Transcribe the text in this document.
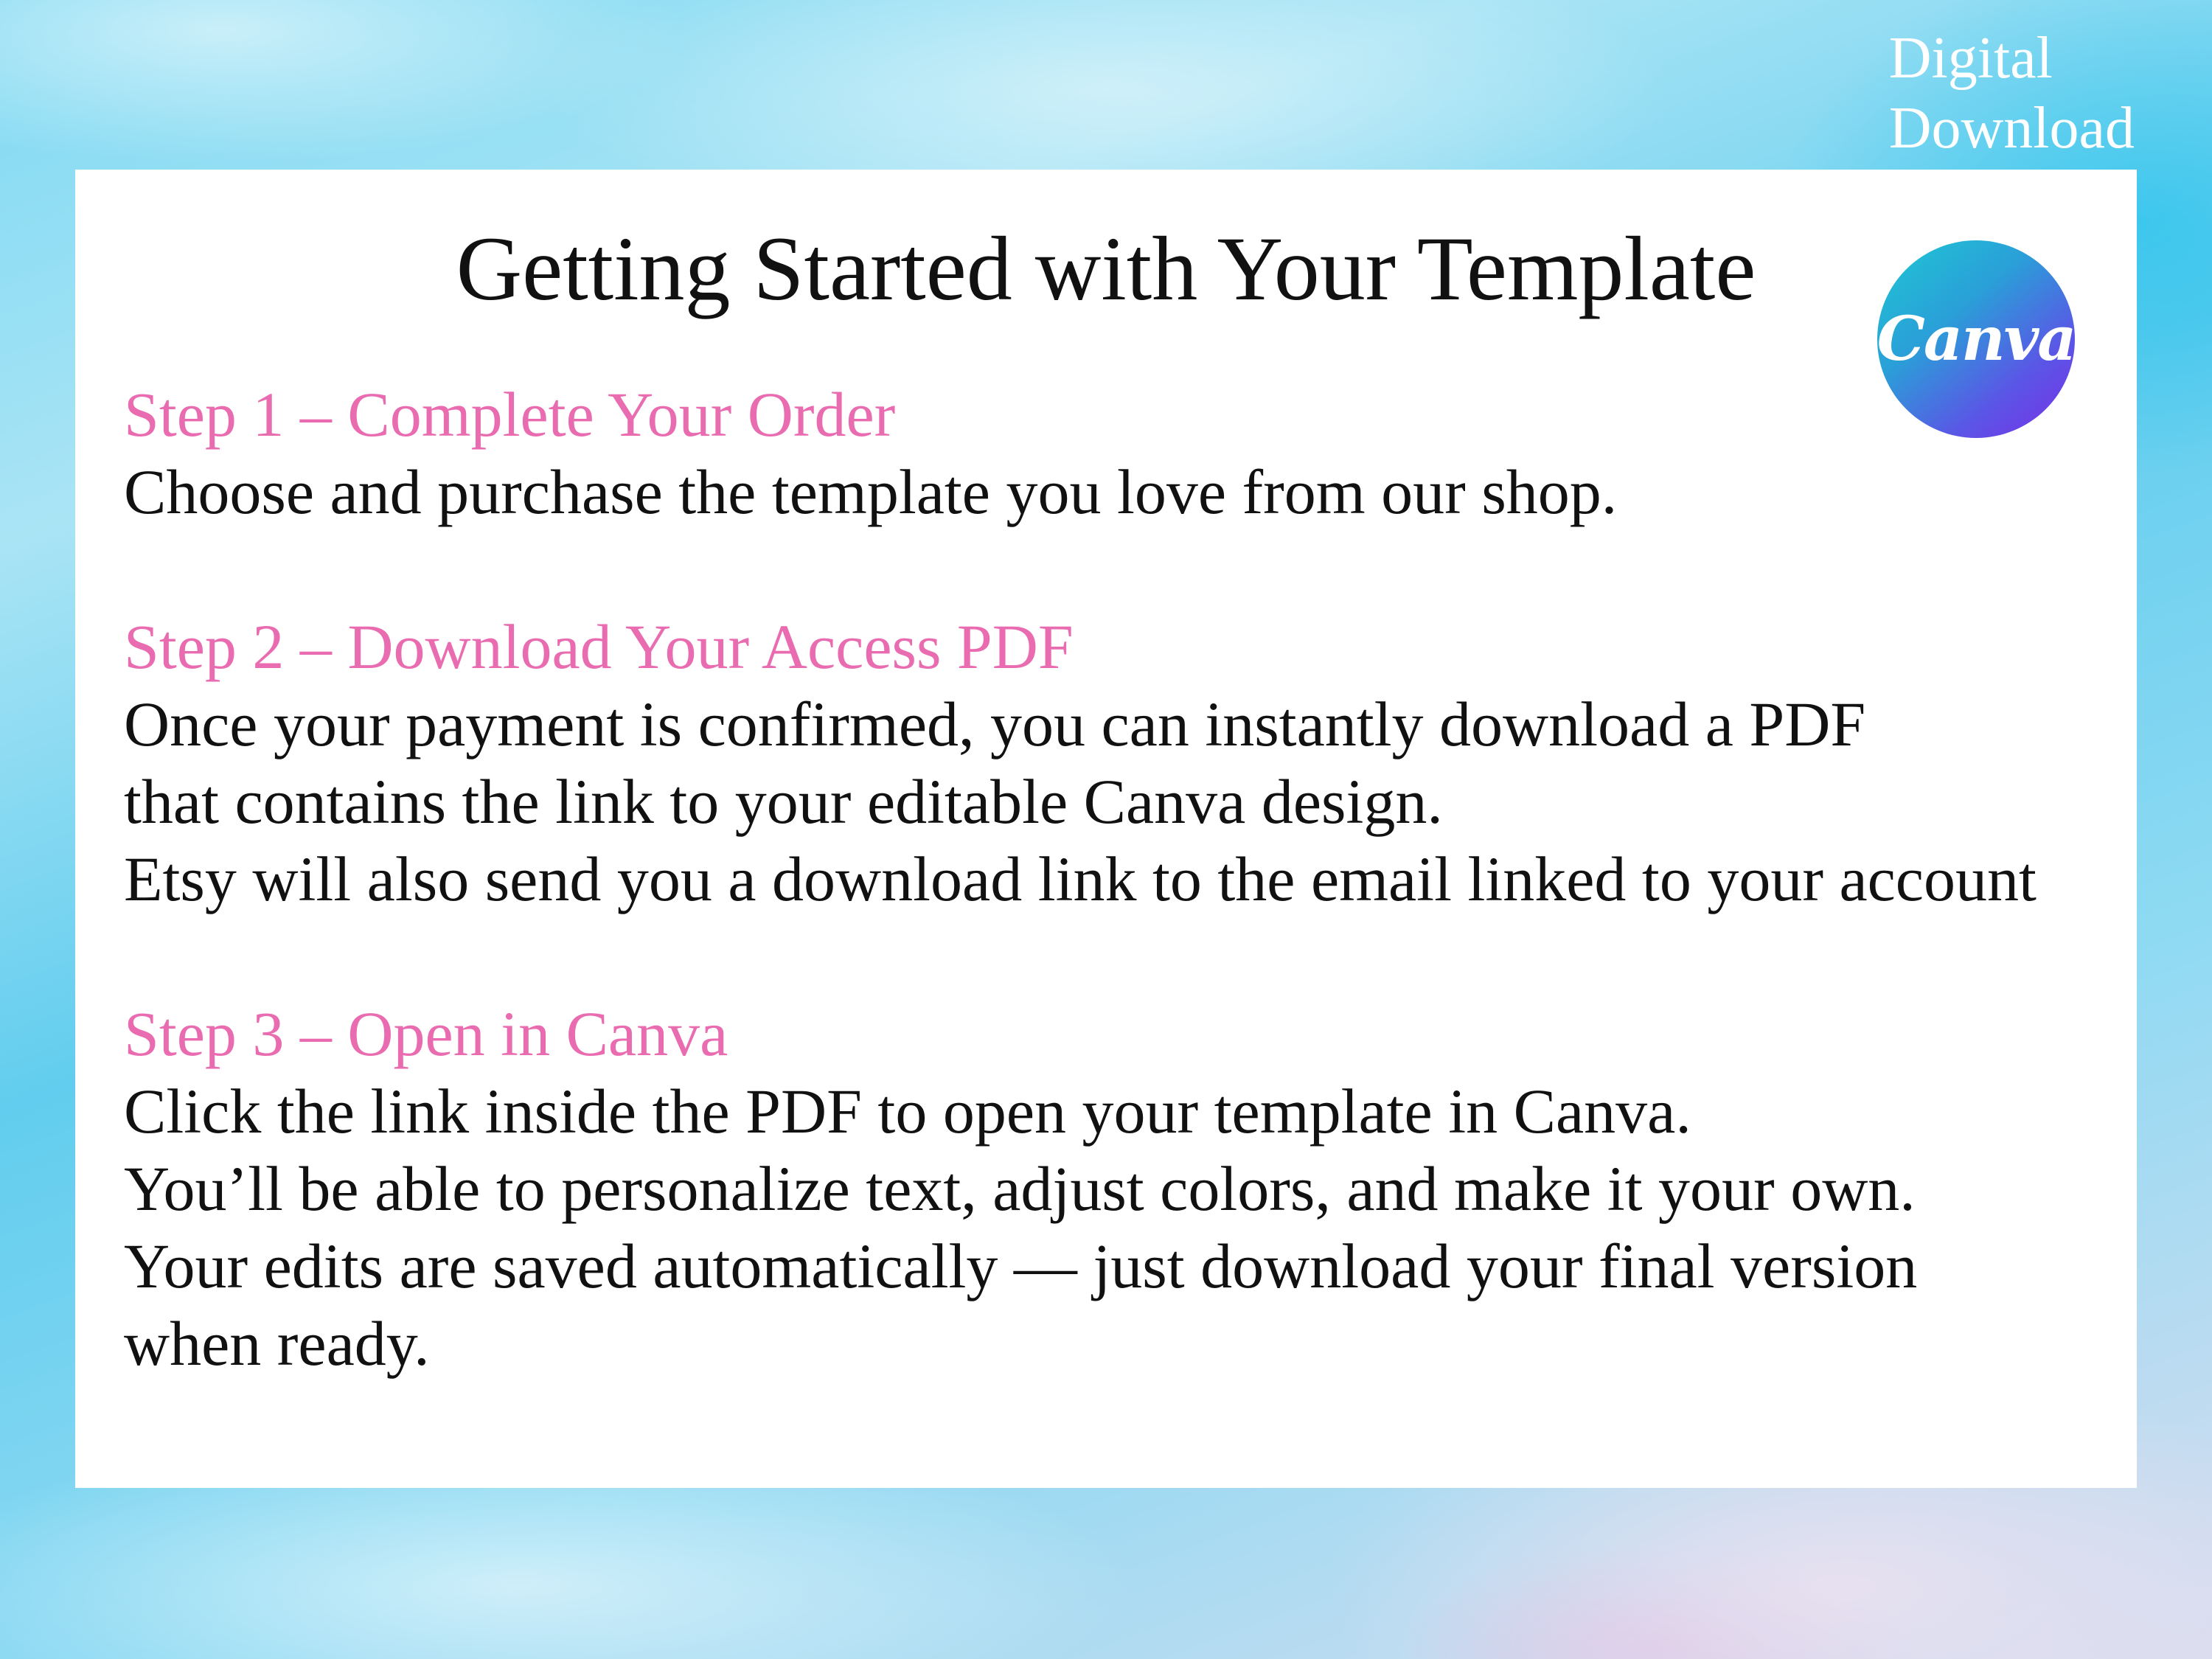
Digital
Download
Getting Started with Your Template
Canva
Step 1 – Complete Your Order
Choose and purchase the template you love from our shop.
Step 2 – Download Your Access PDF
Once your payment is confirmed, you can instantly download a PDF
that contains the link to your editable Canva design.
Etsy will also send you a download link to the email linked to your account
Step 3 – Open in Canva
Click the link inside the PDF to open your template in Canva.
You’ll be able to personalize text, adjust colors, and make it your own.
Your edits are saved automatically — just download your final version
when ready.
